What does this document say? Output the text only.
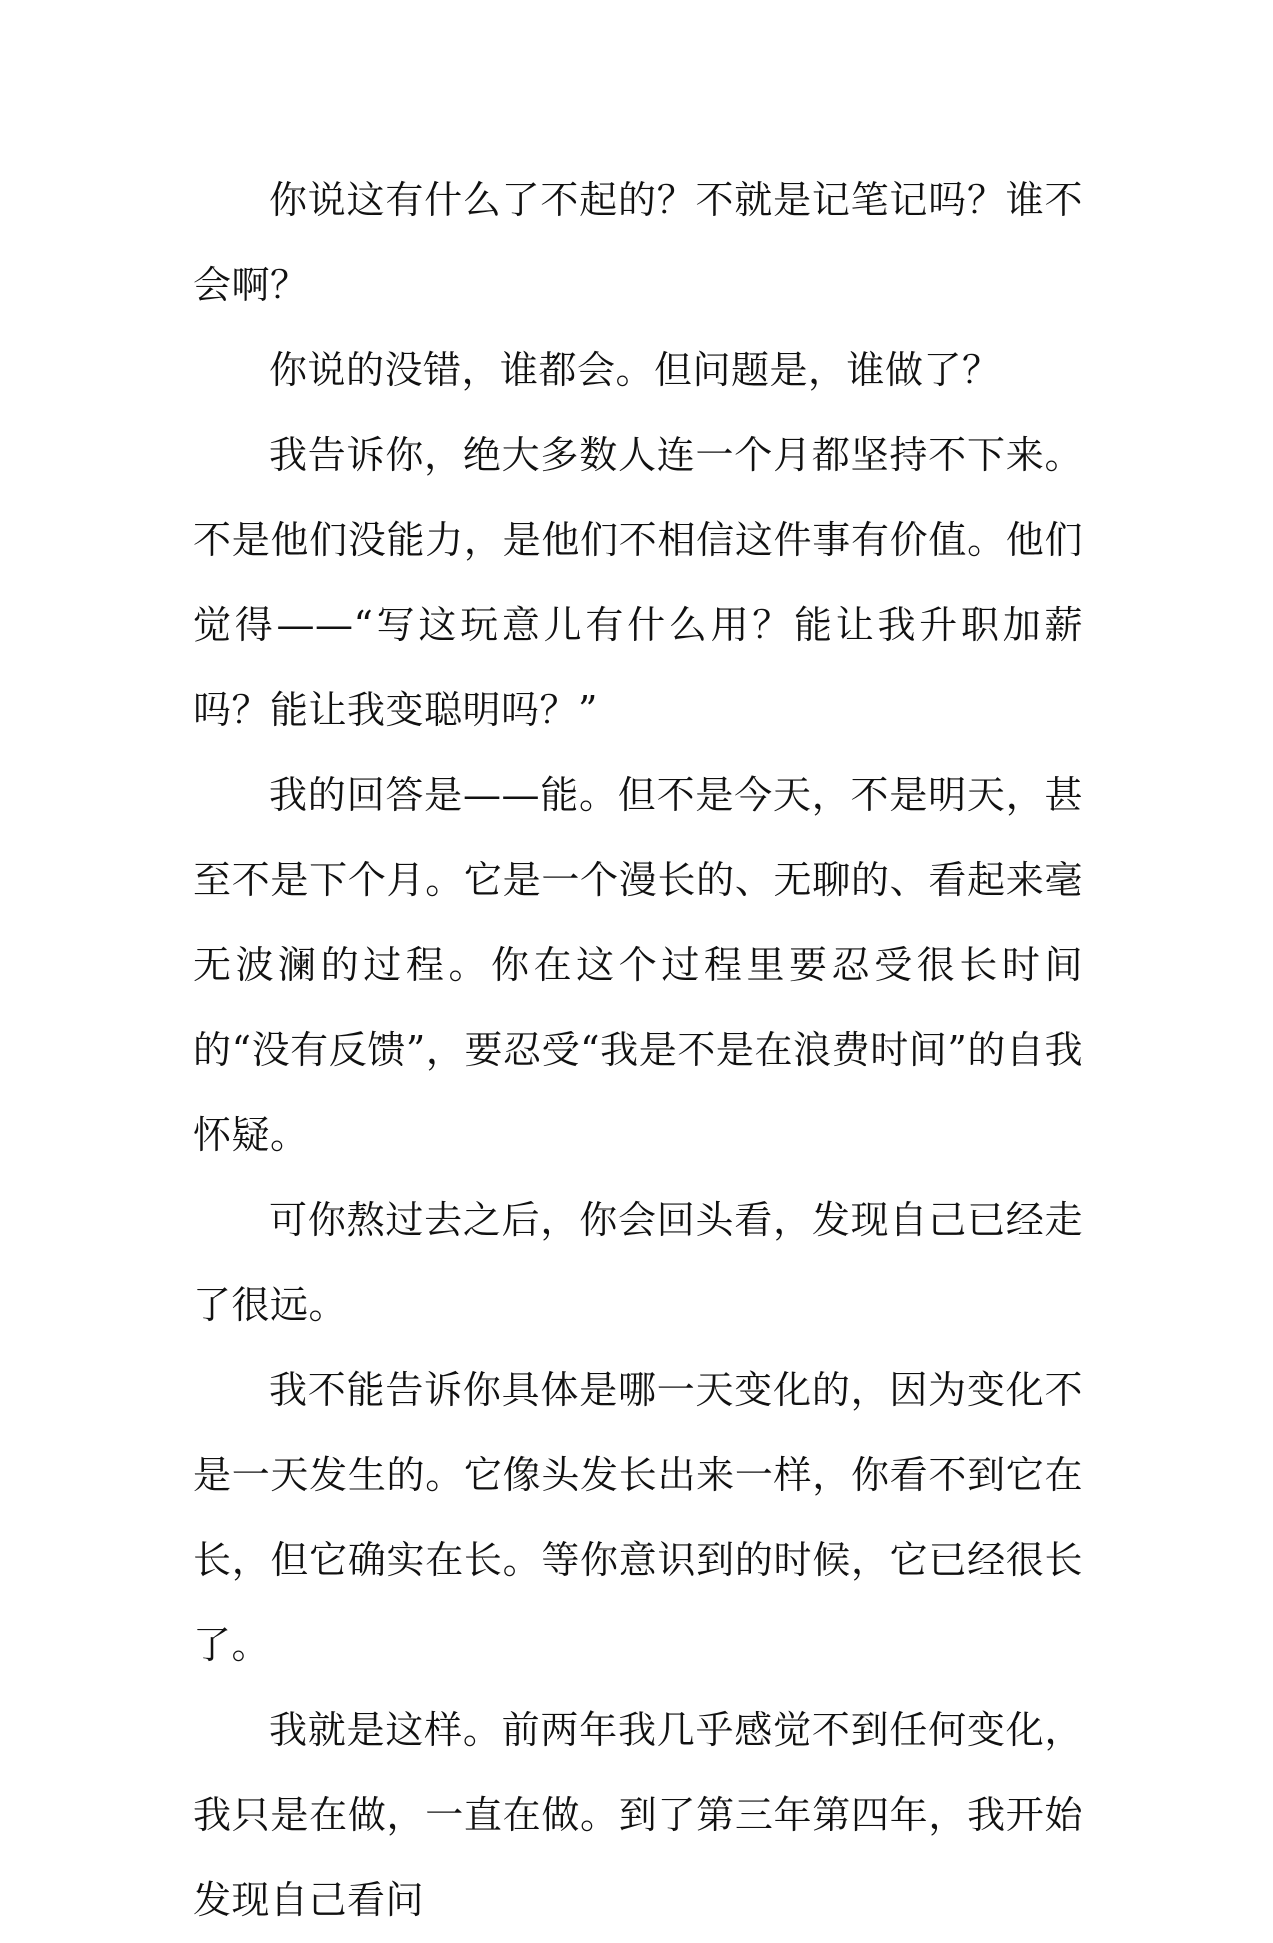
你说这有什么了不起的？不就是记笔记吗？谁不会啊？

你说的没错，谁都会。但问题是，谁做了？

我告诉你，绝大多数人连一个月都坚持不下来。不是他们没能力，是他们不相信这件事有价值。他们觉得——“写这玩意儿有什么用？能让我升职加薪吗？能让我变聪明吗？”

我的回答是——能。但不是今天，不是明天，甚至不是下个月。它是一个漫长的、无聊的、看起来毫无波澜的过程。你在这个过程里要忍受很长时间的“没有反馈”，要忍受“我是不是在浪费时间”的自我怀疑。

可你熬过去之后，你会回头看，发现自己已经走了很远。

我不能告诉你具体是哪一天变化的，因为变化不是一天发生的。它像头发长出来一样，你看不到它在长，但它确实在长。等你意识到的时候，它已经很长了。

我就是这样。前两年我几乎感觉不到任何变化，我只是在做，一直在做。到了第三年第四年，我开始发现自己看问
